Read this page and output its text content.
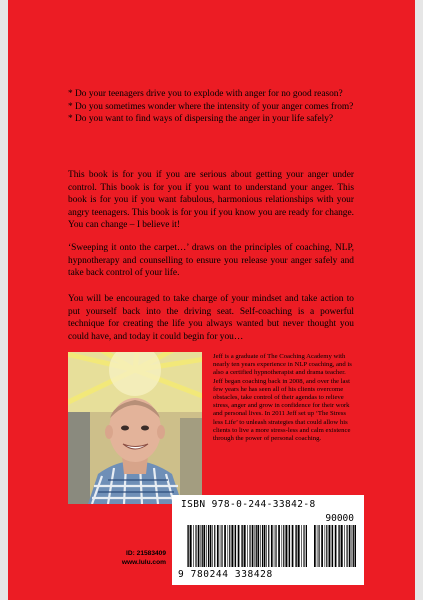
* Do your teenagers drive you to explode with anger for no good reason?

* Do you sometimes wonder where the intensity of your anger comes from?

* Do you want to find ways of dispersing the anger in your life safely?

This book is for you if you are serious about getting your anger under control. This book is for you if you want to understand your anger. This book is for you if you want fabulous, harmonious relationships with your angry teenagers. This book is for you if you know you are ready for change. You can change – I believe it!

‘Sweeping it onto the carpet…’ draws on the principles of coaching, NLP, hypnotherapy and counselling to ensure you release your anger safely and take back control of your life.

You will be encouraged to take charge of your mindset and take action to put yourself back into the driving seat. Self-coaching is a powerful technique for creating the life you always wanted but never thought you could have, and today it could begin for you…

Jeff is a graduate of The Coaching Academy with nearly ten years experience in NLP coaching, and is also a certified hypnotherapist and drama teacher. Jeff began coaching back in 2008, and over the last few years he has seen all of his clients overcome obstacles, take control of their agendas to relieve stress, anger and grow in confidence for their work and personal lives. In 2011 Jeff set up ‘The Stress less Life’ to unleash strategies that could allow his clients to live a more stress-less and calm existence through the power of personal coaching.
ISBN 978-0-244-33842-8
90000
9 780244 338428
ID: 21583409
www.lulu.com
